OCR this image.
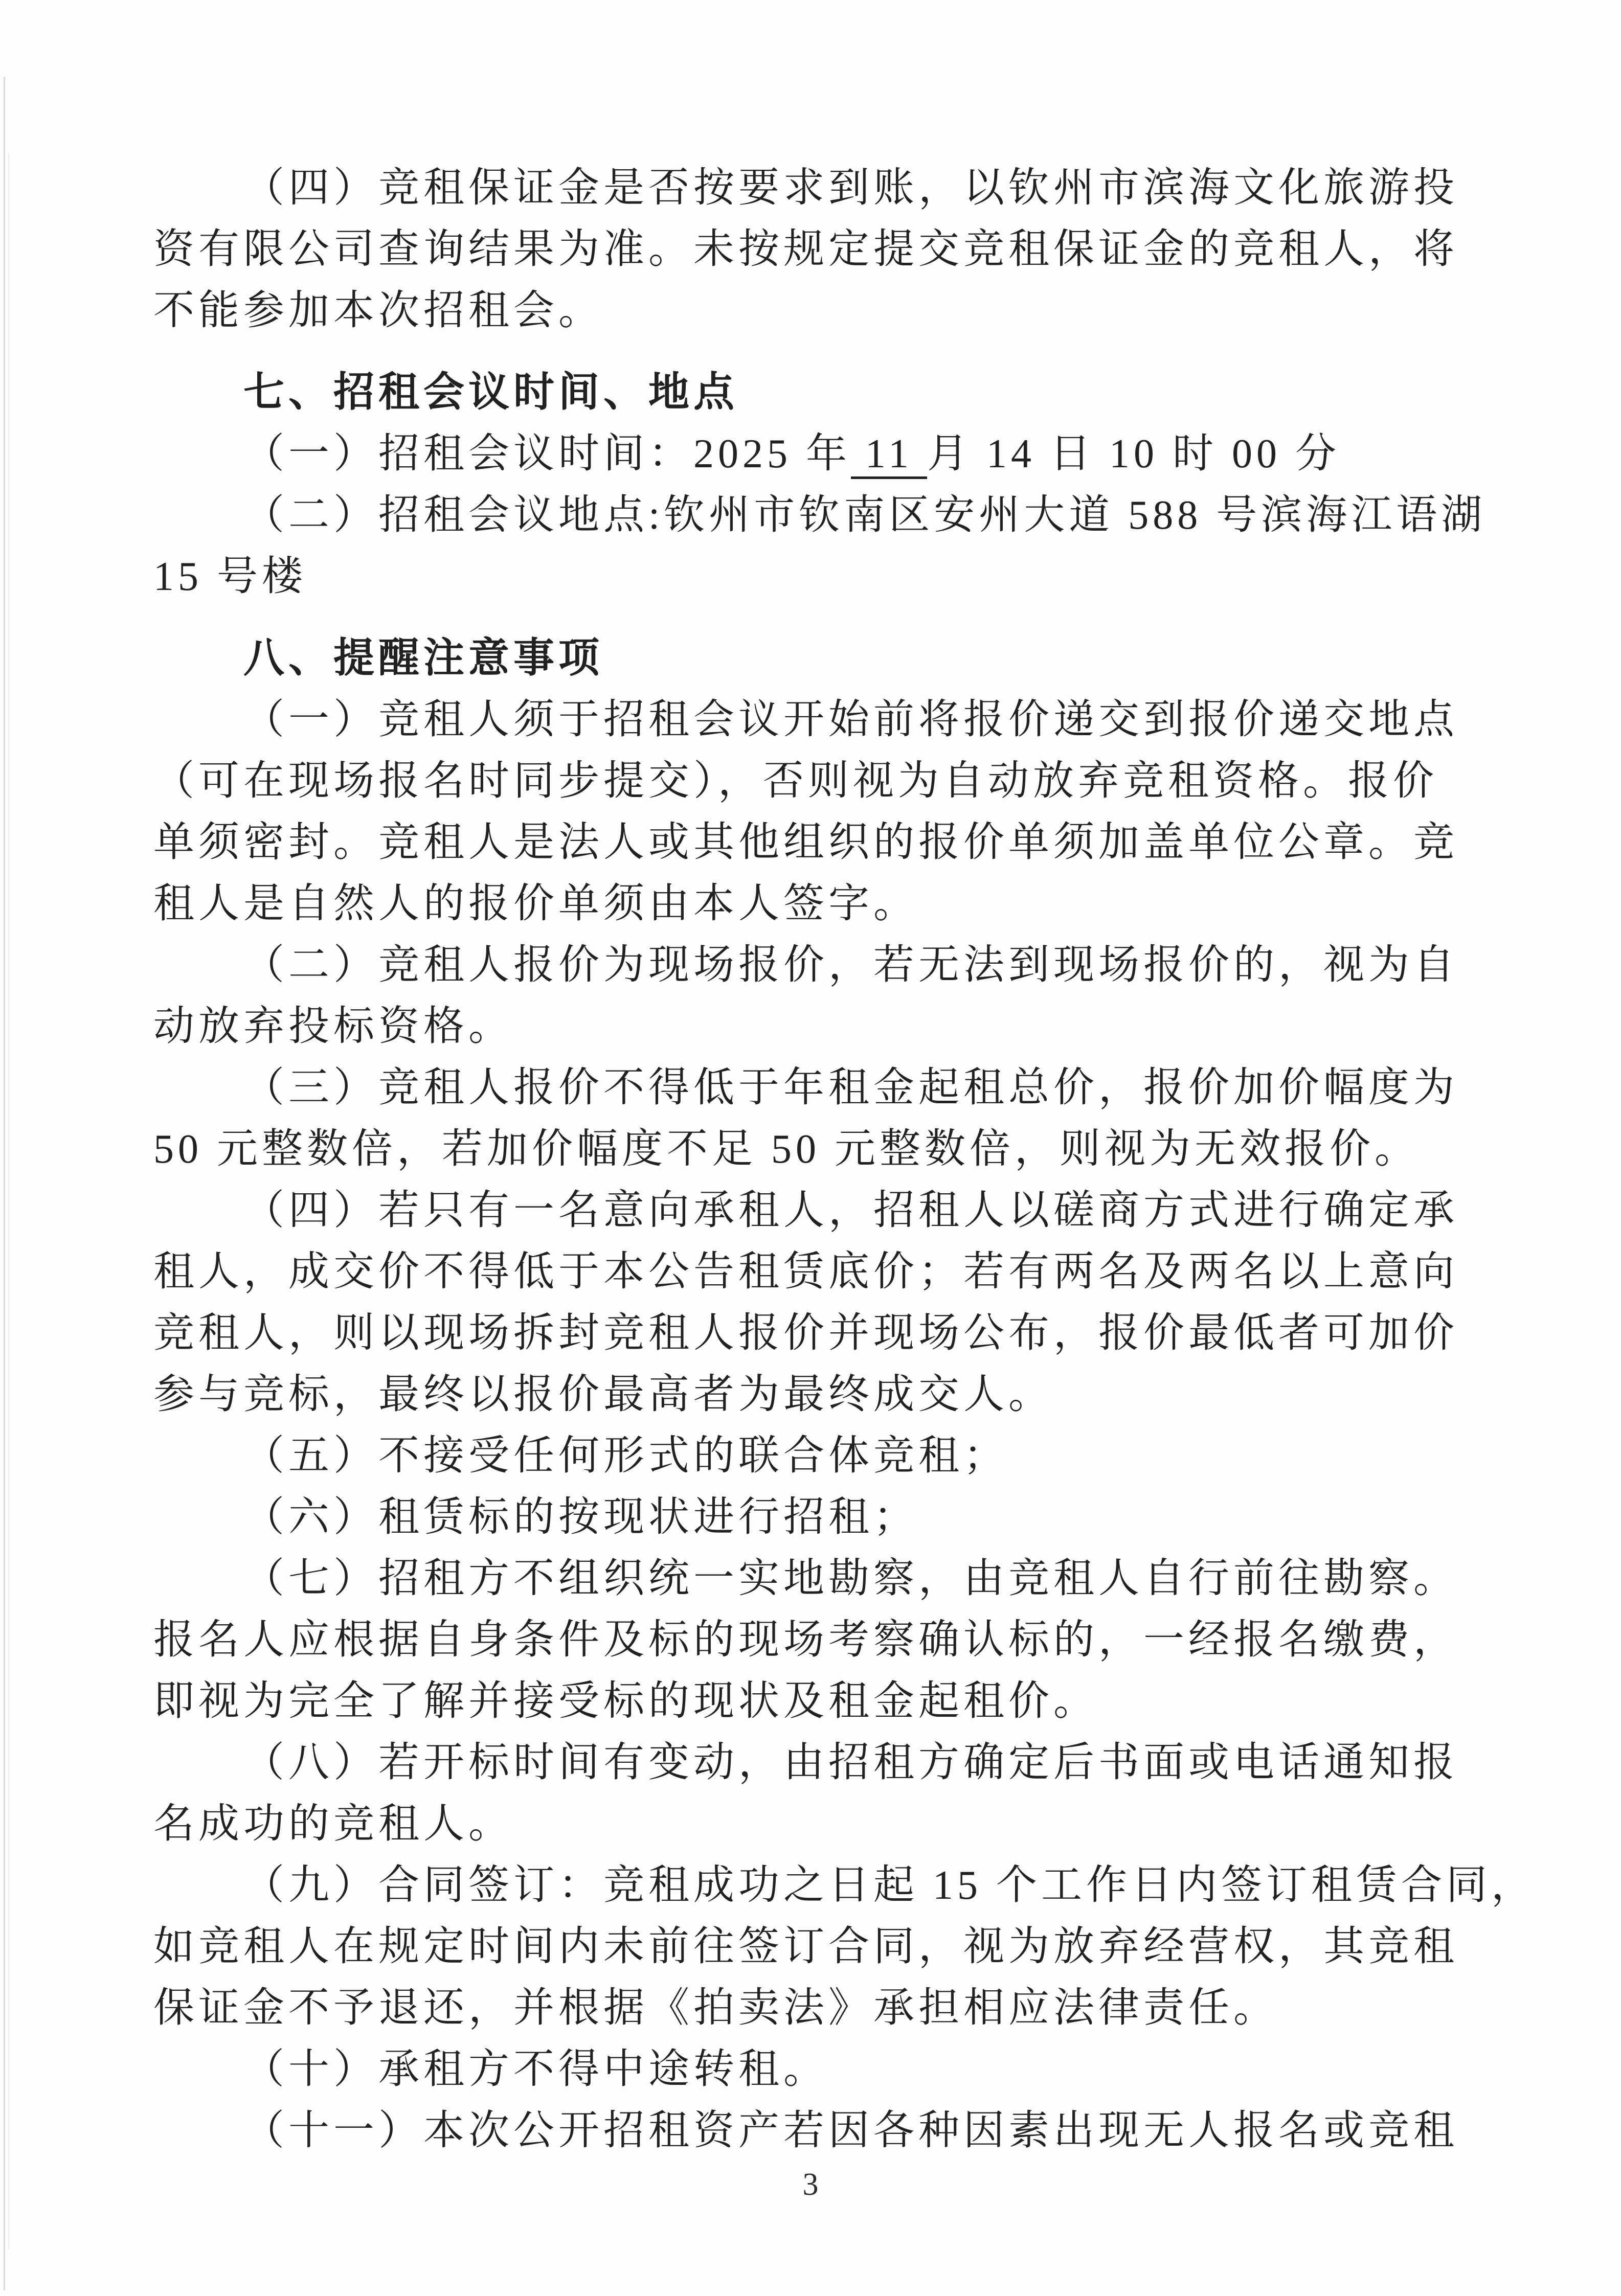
（四）竞租保证金是否按要求到账，以钦州市滨海文化旅游投
资有限公司查询结果为准。未按规定提交竞租保证金的竞租人，将
不能参加本次招租会。
七、招租会议时间、地点
（一）招租会议时间：2025 年 11 月 14 日 10 时 00 分
（二）招租会议地点:钦州市钦南区安州大道 588 号滨海江语湖
15 号楼
八、提醒注意事项
（一）竞租人须于招租会议开始前将报价递交到报价递交地点
（可在现场报名时同步提交），否则视为自动放弃竞租资格。报价
单须密封。竞租人是法人或其他组织的报价单须加盖单位公章。竞
租人是自然人的报价单须由本人签字。
（二）竞租人报价为现场报价，若无法到现场报价的，视为自
动放弃投标资格。
（三）竞租人报价不得低于年租金起租总价，报价加价幅度为
50 元整数倍，若加价幅度不足 50 元整数倍，则视为无效报价。
（四）若只有一名意向承租人，招租人以磋商方式进行确定承
租人，成交价不得低于本公告租赁底价；若有两名及两名以上意向
竞租人，则以现场拆封竞租人报价并现场公布，报价最低者可加价
参与竞标，最终以报价最高者为最终成交人。
（五）不接受任何形式的联合体竞租；
（六）租赁标的按现状进行招租；
（七）招租方不组织统一实地勘察，由竞租人自行前往勘察。
报名人应根据自身条件及标的现场考察确认标的，一经报名缴费，
即视为完全了解并接受标的现状及租金起租价。
（八）若开标时间有变动，由招租方确定后书面或电话通知报
名成功的竞租人。
（九）合同签订：竞租成功之日起 15 个工作日内签订租赁合同，
如竞租人在规定时间内未前往签订合同，视为放弃经营权，其竞租
保证金不予退还，并根据《拍卖法》承担相应法律责任。
（十）承租方不得中途转租。
（十一）本次公开招租资产若因各种因素出现无人报名或竞租
3
